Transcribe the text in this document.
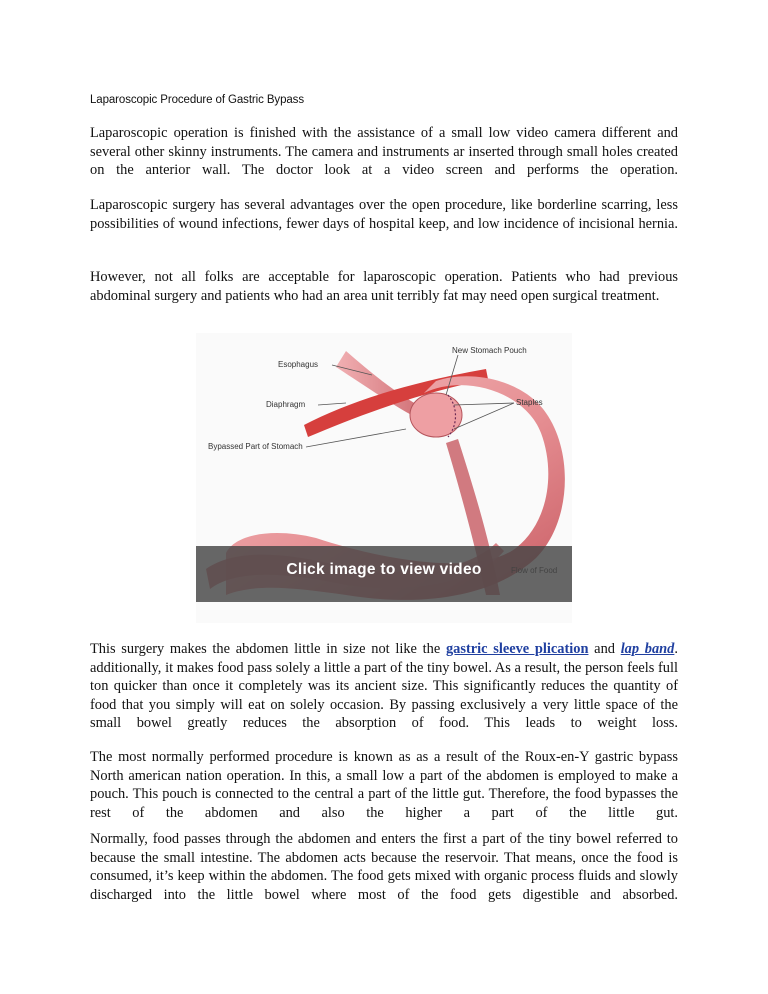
Laparoscopic Procedure of Gastric Bypass

Laparoscopic operation is finished with the assistance of a small low video camera different and several other skinny instruments. The camera and instruments ar inserted through small holes created on the anterior wall. The doctor look at a video screen and performs the operation.

Laparoscopic surgery has several advantages over the open procedure, like borderline scarring, less possibilities of wound infections, fewer days of hospital keep, and low incidence of incisional hernia.

However, not all folks are acceptable for laparoscopic operation. Patients who had previous abdominal surgery and patients who had an area unit terribly fat may need open surgical treatment.

Esophagus
Diaphragm
Bypassed Part of Stomach
New Stomach Pouch
Staples
Click image to view video

This surgery makes the abdomen little in size not like the gastric sleeve plication and lap band. additionally, it makes food pass solely a little a part of the tiny bowel. As a result, the person feels full ton quicker than once it completely was its ancient size. This significantly reduces the quantity of food that you simply will eat on solely occasion. By passing exclusively a very little space of the small bowel greatly reduces the absorption of food. This leads to weight loss.

The most normally performed procedure is known as as a result of the Roux-en-Y gastric bypass North american nation operation. In this, a small low a part of the abdomen is employed to make a pouch. This pouch is connected to the central a part of the little gut. Therefore, the food bypasses the rest of the abdomen and also the higher a part of the little gut.

Normally, food passes through the abdomen and enters the first a part of the tiny bowel referred to because the small intestine. The abdomen acts because the reservoir. That means, once the food is consumed, it’s keep within the abdomen. The food gets mixed with organic process fluids and slowly discharged into the little bowel where most of the food gets digestible and absorbed.
